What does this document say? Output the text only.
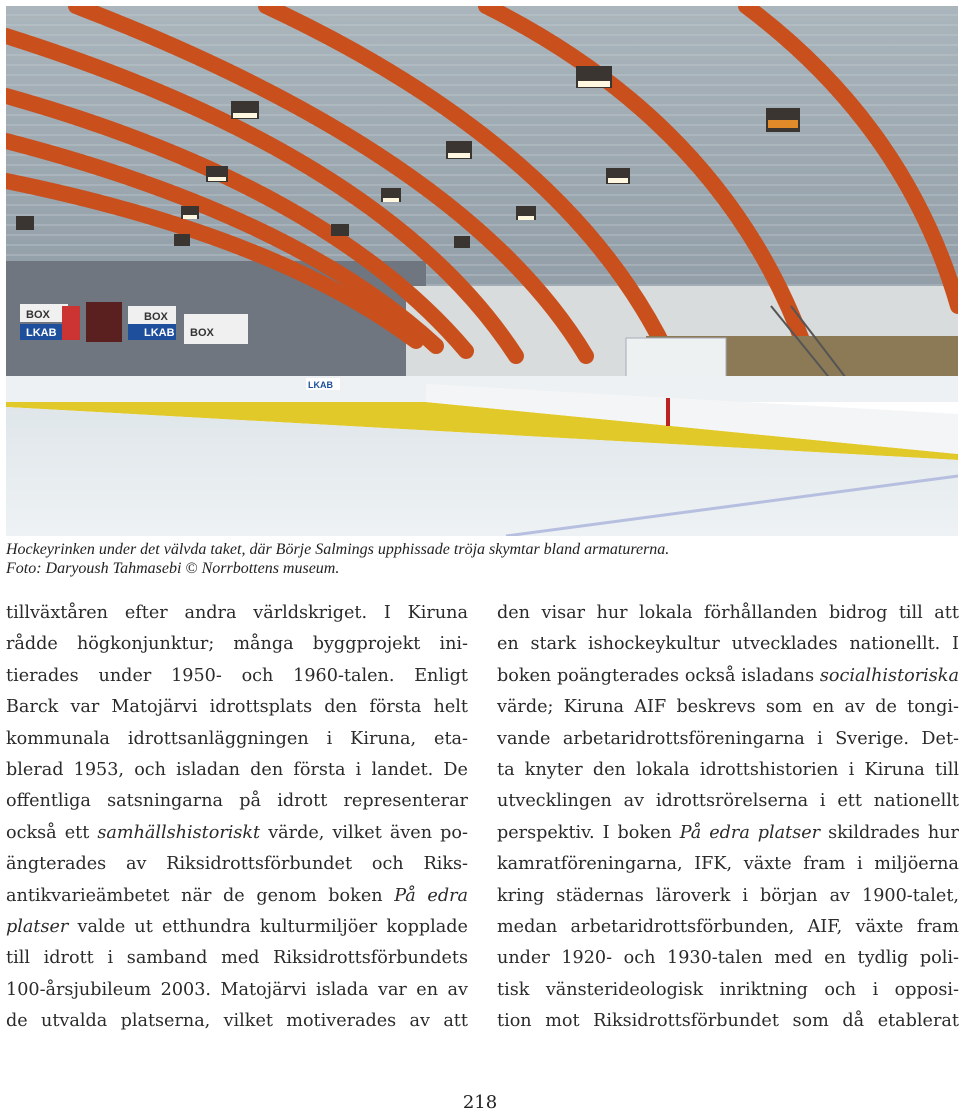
BOX
LKAB
BOX
LKAB BOX
LKAB
Hockeyrinken under det välvda taket, där Börje Salmings upphissade tröja skymtar bland armaturerna.
Foto: Daryoush Tahmasebi © Norrbottens museum.
tillväxtåren efter andra världskriget. I Kiruna
rådde högkonjunktur; många byggprojekt ini-
tierades under 1950- och 1960-talen. Enligt
Barck var Matojärvi idrottsplats den första helt
kommunala idrottsanläggningen i Kiruna, eta-
blerad 1953, och isladan den första i landet. De
offentliga satsningarna på idrott representerar
också ett samhällshistoriskt värde, vilket även po-
ängterades av Riksidrottsförbundet och Riks-
antikvarieämbetet när de genom boken På edra
platser valde ut etthundra kulturmiljöer kopplade
till idrott i samband med Riksidrottsförbundets
100-årsjubileum 2003. Matojärvi islada var en av
de utvalda platserna, vilket motiverades av att
den visar hur lokala förhållanden bidrog till att
en stark ishockeykultur utvecklades nationellt. I
boken poängterades också isladans socialhistoriska
värde; Kiruna AIF beskrevs som en av de tongi-
vande arbetaridrottsföreningarna i Sverige. Det-
ta knyter den lokala idrottshistorien i Kiruna till
utvecklingen av idrottsrörelserna i ett nationellt
perspektiv. I boken På edra platser skildrades hur
kamratföreningarna, IFK, växte fram i miljöerna
kring städernas läroverk i början av 1900-talet,
medan arbetaridrottsförbunden, AIF, växte fram
under 1920- och 1930-talen med en tydlig poli-
tisk vänsterideologisk inriktning och i opposi-
tion mot Riksidrottsförbundet som då etablerat
218
